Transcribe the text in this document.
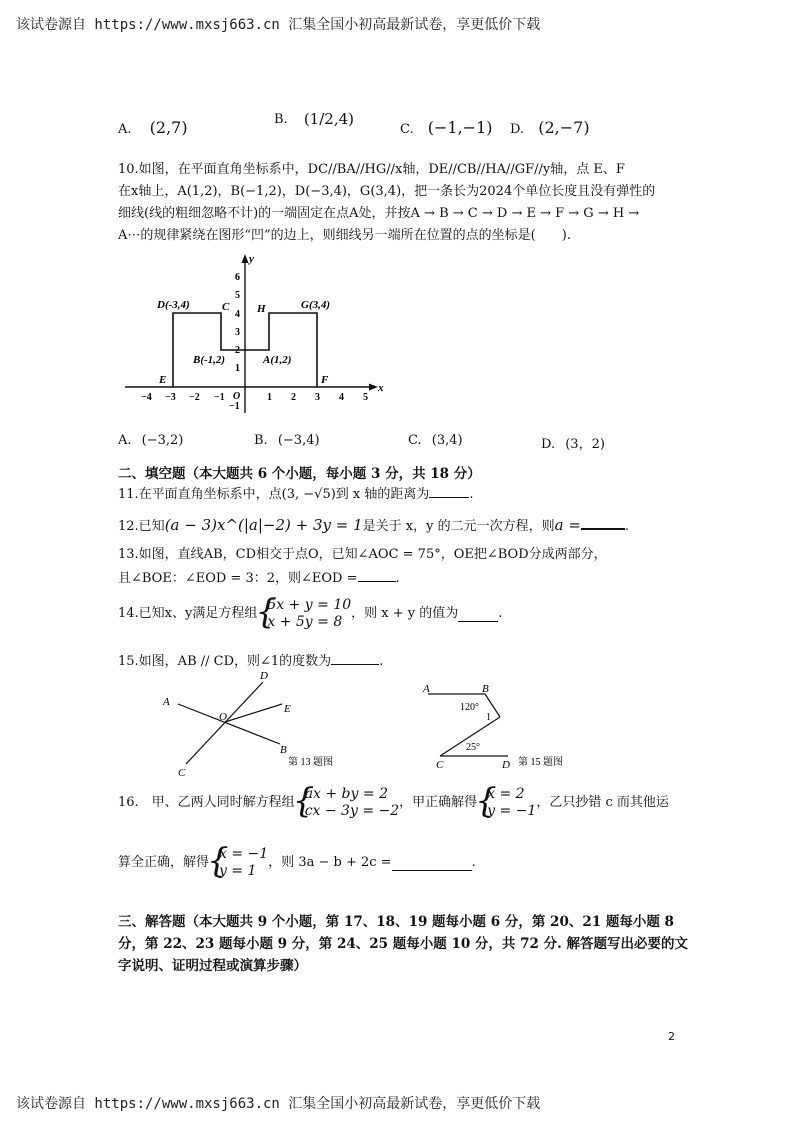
该试卷源自 https://www.mxsj663.cn 汇集全国小初高最新试卷，享更低价下载
A. (2,7)	B. (1/2,4)
C. (−1,−1) D. (2,−7)
10.如图，在平面直角坐标系中，DC//BA//HG//x轴，DE//CB//HA//GF//y轴，点 E、F
在x轴上，A(1,2)，B(−1,2)，D(−3,4)，G(3,4)，把一条长为2024个单位长度且没有弹性的
细线(线的粗细忽略不计)的一端固定在点A处，并按A → B → C → D → E → F → G → H →
A⋯的规律紧绕在图形“凹”的边上，则细线另一端所在位置的点的坐标是(　　).
x
y
O
−4 −3 −2 −1	1 2 3 4 5
−1
1
2
3
4
5
6
D(-3,4)	C	H	G(3,4)
B(-1,2)	A(1,2)
E	F
A. (−3,2)	B. (−3,4)	C. (3,4)	D. (3，2)
二、填空题（本大题共 6 个小题，每小题 3 分，共 18 分）
11.在平面直角坐标系中，点(3, −√5)到 x 轴的距离为	.
12.已知(a − 3)x^(|a|−2) + 3y = 1是关于 x，y 的二元一次方程，则a =	.
13.如图，直线AB，CD相交于点O，已知∠AOC = 75°，OE把∠BOD分成两部分，
且∠BOE：∠EOD = 3：2，则∠EOD =	.
14.已知x、y满足方程组
{ 5x + y = 10
x + 5y = 8
，则 x + y 的值为	.
15.如图，AB // CD，则∠1的度数为	.
A
B
C
D
E
O
第 13 题图
A	B
C	D
1
120°
25°
第 15 题图
16.　甲、乙两人同时解方程组
{ ax + by = 2
cx − 3y = −2
，甲正确解得
{ x = 2
y = −1
，乙只抄错 c 而其他运
算全正确，解得
{ x = −1
y = 1
，则 3a − b + 2c =	.
三、解答题（本大题共 9 个小题，第 17、18、19 题每小题 6 分，第 20、21 题每小题 8
分，第 22、23 题每小题 9 分，第 24、25 题每小题 10 分，共 72 分. 解答题写出必要的文
字说明、证明过程或演算步骤）
2
该试卷源自 https://www.mxsj663.cn 汇集全国小初高最新试卷，享更低价下载
